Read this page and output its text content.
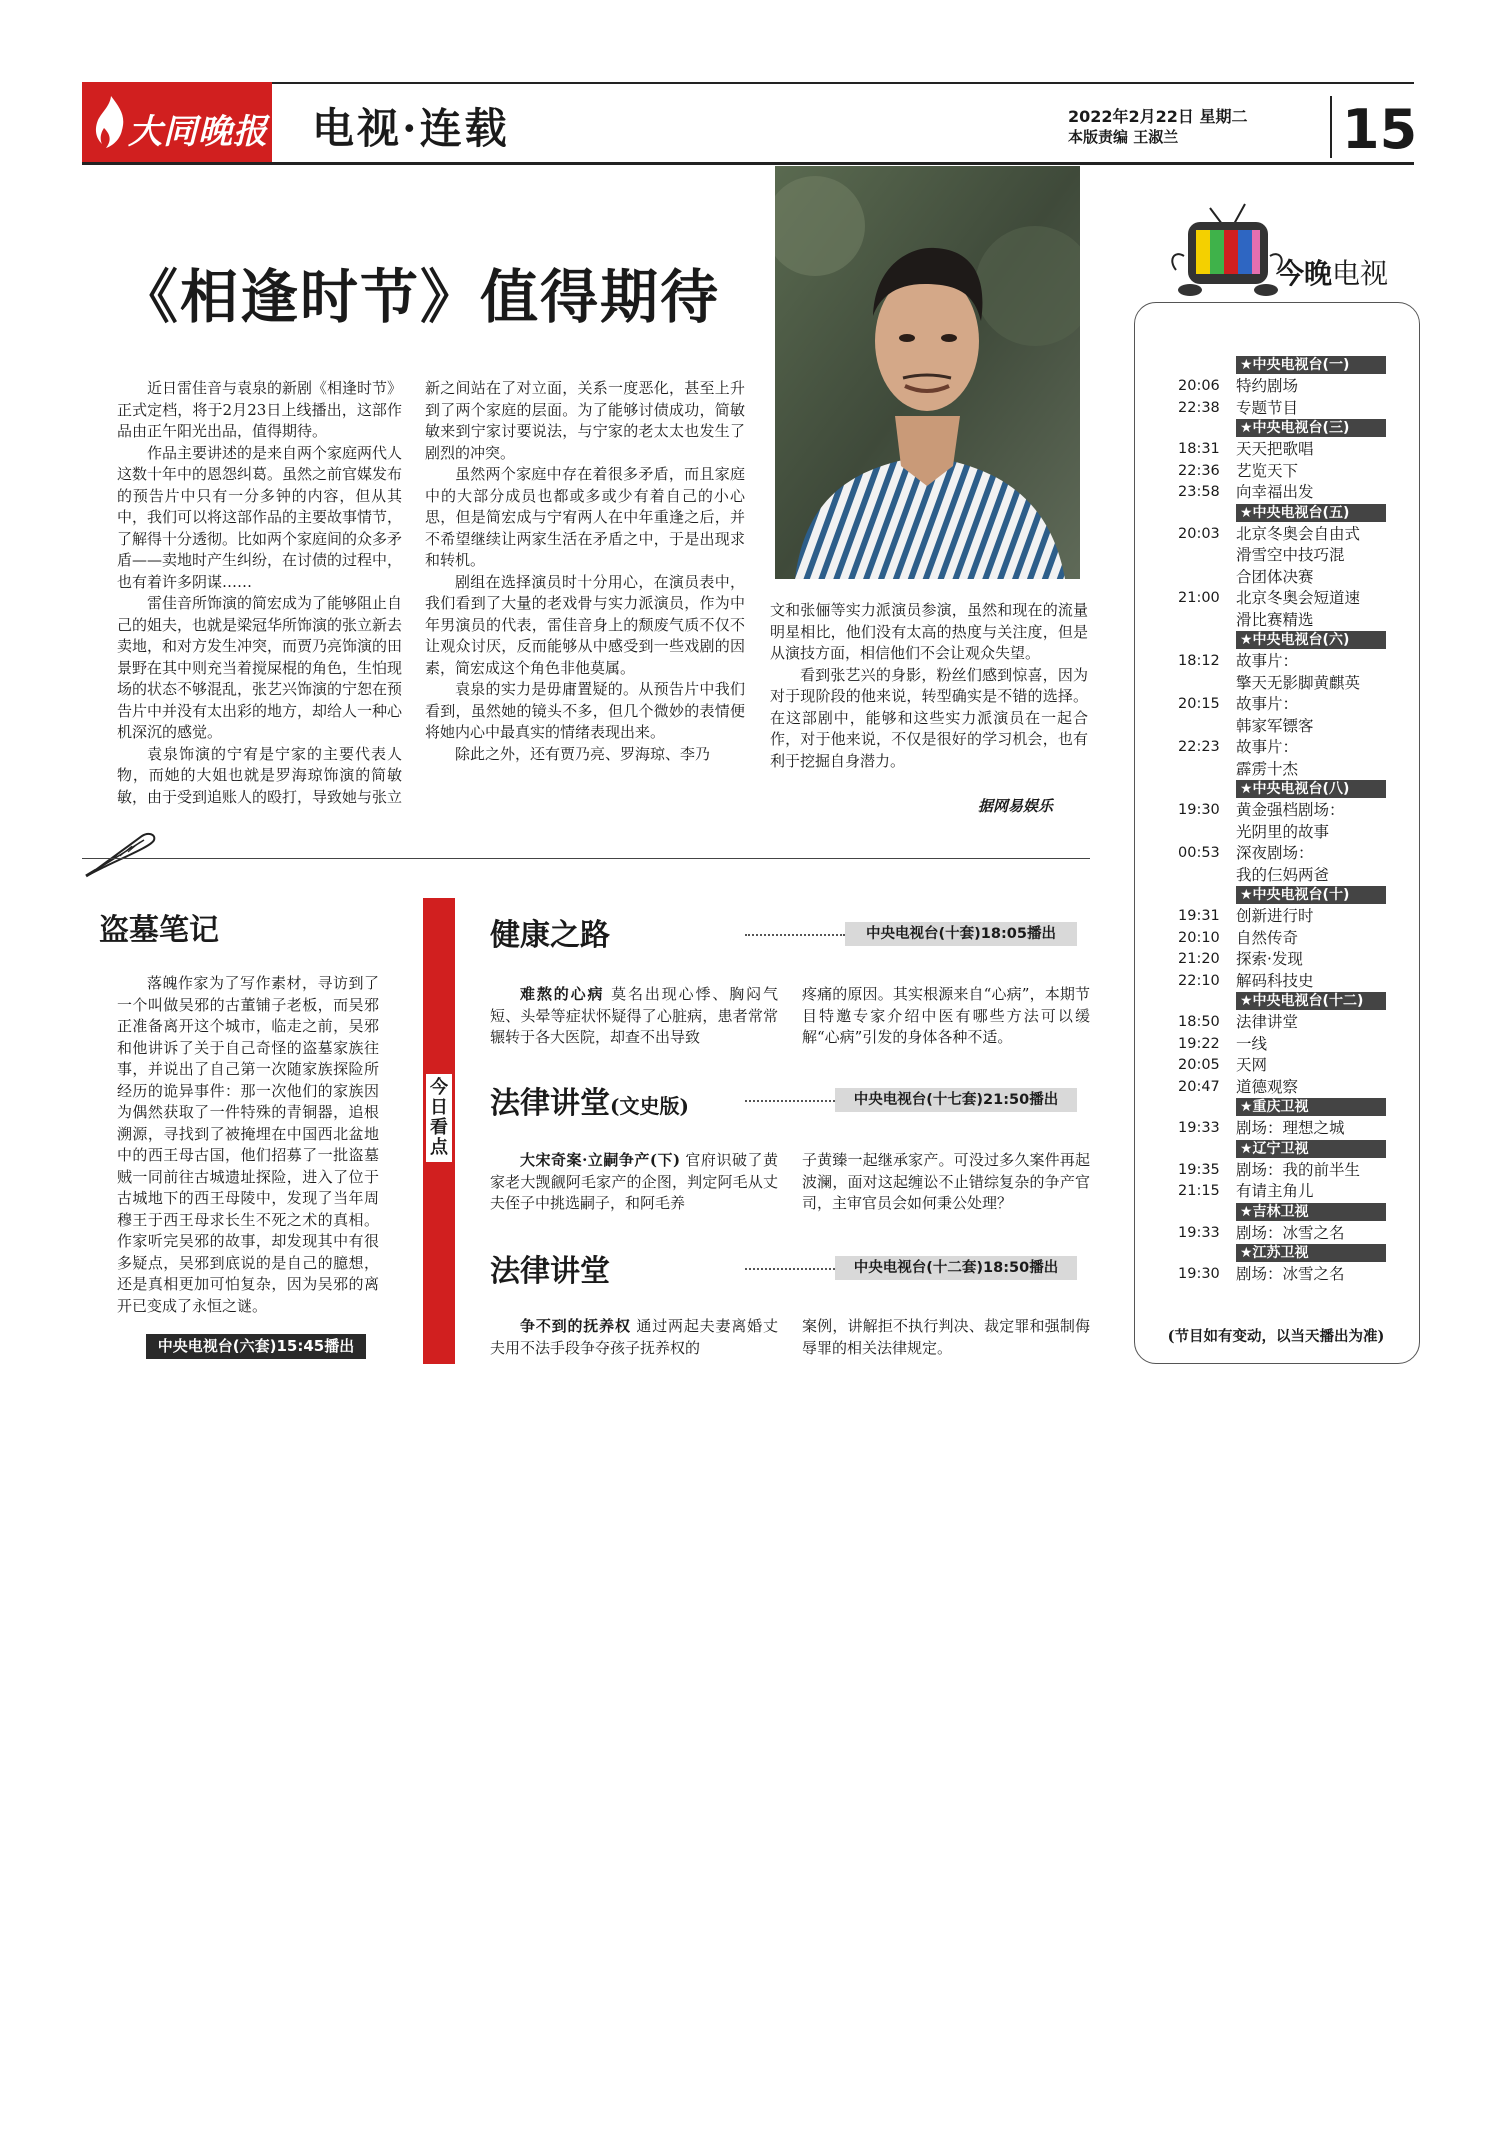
大同晚报 电视·连载	2022年2月22日 星期二
本版责编 王淑兰	15
《相逢时节》值得期待

近日雷佳音与袁泉的新剧《相逢时节》正式定档，将于2月23日上线播出，这部作品由正午阳光出品，值得期待。

作品主要讲述的是来自两个家庭两代人这数十年中的恩怨纠葛。虽然之前官媒发布的预告片中只有一分多钟的内容，但从其中，我们可以将这部作品的主要故事情节，了解得十分透彻。比如两个家庭间的众多矛盾——卖地时产生纠纷，在讨债的过程中，也有着许多阴谋……

雷佳音所饰演的简宏成为了能够阻止自己的姐夫，也就是梁冠华所饰演的张立新去卖地，和对方发生冲突，而贾乃亮饰演的田景野在其中则充当着搅屎棍的角色，生怕现场的状态不够混乱，张艺兴饰演的宁恕在预告片中并没有太出彩的地方，却给人一种心机深沉的感觉。

袁泉饰演的宁宥是宁家的主要代表人物，而她的大姐也就是罗海琼饰演的简敏敏，由于受到追账人的殴打，导致她与张立

新之间站在了对立面，关系一度恶化，甚至上升到了两个家庭的层面。为了能够讨债成功，简敏敏来到宁家讨要说法，与宁家的老太太也发生了剧烈的冲突。

虽然两个家庭中存在着很多矛盾，而且家庭中的大部分成员也都或多或少有着自己的小心思，但是简宏成与宁宥两人在中年重逢之后，并不希望继续让两家生活在矛盾之中，于是出现求和转机。

剧组在选择演员时十分用心，在演员表中，我们看到了大量的老戏骨与实力派演员，作为中年男演员的代表，雷佳音身上的颓废气质不仅不让观众讨厌，反而能够从中感受到一些戏剧的因素，简宏成这个角色非他莫属。

袁泉的实力是毋庸置疑的。从预告片中我们看到，虽然她的镜头不多，但几个微妙的表情便将她内心中最真实的情绪表现出来。

除此之外，还有贾乃亮、罗海琼、李乃

文和张俪等实力派演员参演，虽然和现在的流量明星相比，他们没有太高的热度与关注度，但是从演技方面，相信他们不会让观众失望。

看到张艺兴的身影，粉丝们感到惊喜，因为对于现阶段的他来说，转型确实是不错的选择。在这部剧中，能够和这些实力派演员在一起合作，对于他来说，不仅是很好的学习机会，也有利于挖掘自身潜力。

据网易娱乐
盗墓笔记

落魄作家为了写作素材，寻访到了一个叫做吴邪的古董铺子老板，而吴邪正准备离开这个城市，临走之前，吴邪和他讲诉了关于自己奇怪的盗墓家族往事，并说出了自己第一次随家族探险所经历的诡异事件：那一次他们的家族因为偶然获取了一件特殊的青铜器，追根溯源，寻找到了被掩埋在中国西北盆地中的西王母古国，他们招募了一批盗墓贼一同前往古城遗址探险，进入了位于古城地下的西王母陵中，发现了当年周穆王于西王母求长生不死之术的真相。作家听完吴邪的故事，却发现其中有很多疑点，吴邪到底说的是自己的臆想，还是真相更加可怕复杂，因为吴邪的离开已变成了永恒之谜。

中央电视台(六套)15:45播出
今日看点
健康之路	中央电视台(十套)18:05播出

难熬的心病 莫名出现心悸、胸闷气短、头晕等症状怀疑得了心脏病，患者常常辗转于各大医院，却查不出导致

疼痛的原因。其实根源来自“心病”，本期节目特邀专家介绍中医有哪些方法可以缓解“心病”引发的身体各种不适。

法律讲堂(文史版)	中央电视台(十七套)21:50播出

大宋奇案·立嗣争产(下) 官府识破了黄家老大觊觎阿毛家产的企图，判定阿毛从丈夫侄子中挑选嗣子，和阿毛养

子黄臻一起继承家产。可没过多久案件再起波澜，面对这起缠讼不止错综复杂的争产官司，主审官员会如何秉公处理？

法律讲堂	中央电视台(十二套)18:50播出

争不到的抚养权 通过两起夫妻离婚丈夫用不法手段争夺孩子抚养权的

案例，讲解拒不执行判决、裁定罪和强制侮辱罪的相关法律规定。

今晚电视
★中央电视台(一)
20:06	特约剧场
22:38	专题节目
★中央电视台(三)
18:31	天天把歌唱
22:36	艺览天下
23:58	向幸福出发
★中央电视台(五)
20:03	北京冬奥会自由式
滑雪空中技巧混
合团体决赛
21:00	北京冬奥会短道速
滑比赛精选
★中央电视台(六)
18:12	故事片：
擎天无影脚黄麒英
20:15	故事片：
韩家军镖客
22:23	故事片：
霹雳十杰
★中央电视台(八)
19:30	黄金强档剧场：
光阴里的故事
00:53	深夜剧场：
我的仨妈两爸
★中央电视台(十)
19:31	创新进行时
20:10	自然传奇
21:20	探索·发现
22:10	解码科技史
★中央电视台(十二)
18:50	法律讲堂
19:22	一线
20:05	天网
20:47	道德观察
★重庆卫视
19:33	剧场：理想之城
★辽宁卫视
19:35	剧场：我的前半生
21:15	有请主角儿
★吉林卫视
19:33	剧场：冰雪之名
★江苏卫视
19:30	剧场：冰雪之名
(节目如有变动，以当天播出为准)
